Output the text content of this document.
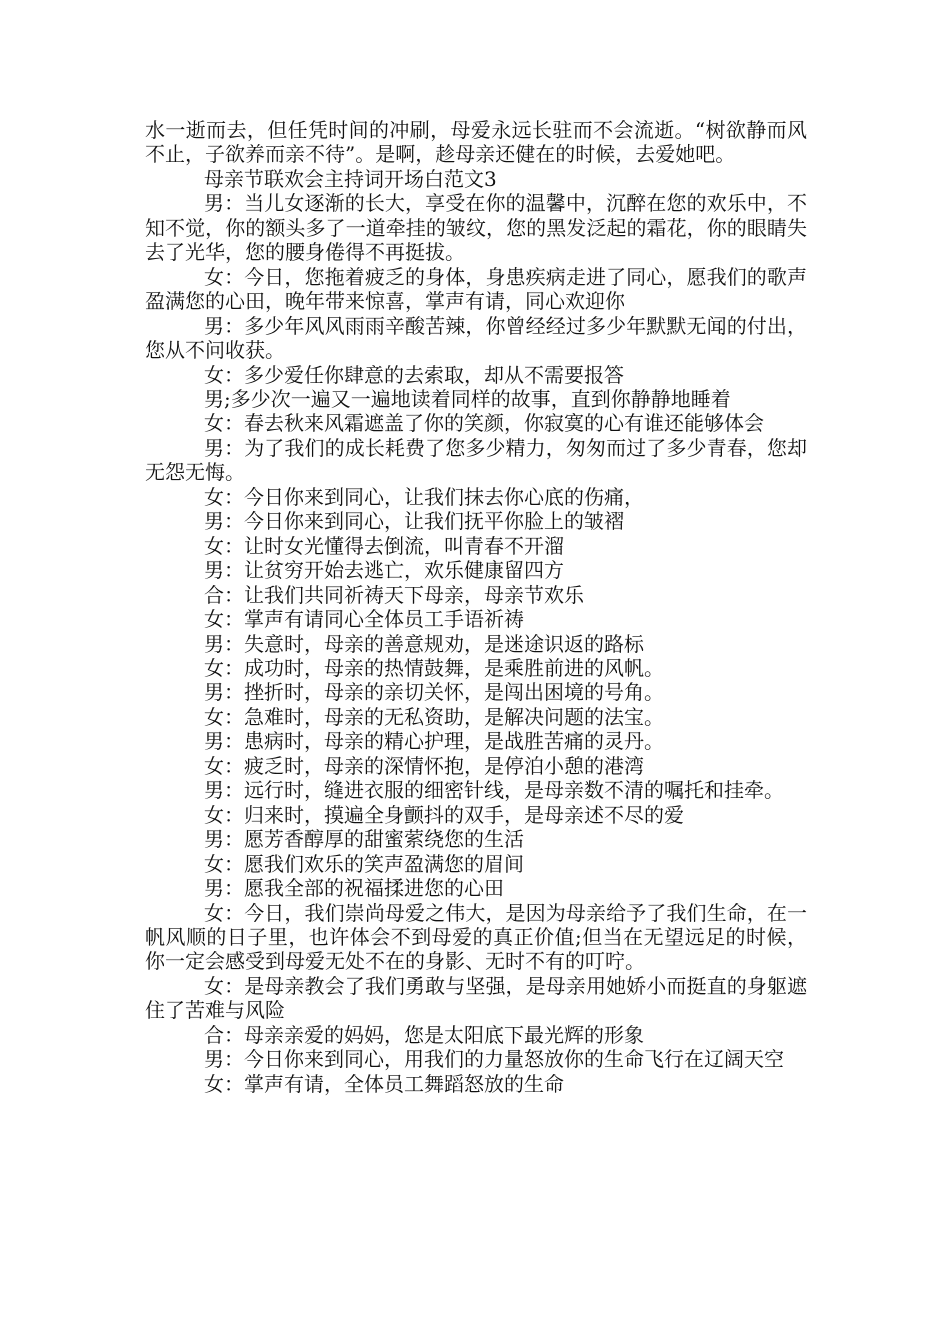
水一逝而去，但任凭时间的冲刷，母爱永远长驻而不会流逝。“树欲静而风不止，子欲养而亲不待”。是啊，趁母亲还健在的时候，去爱她吧。

母亲节联欢会主持词开场白范文3

男：当儿女逐渐的长大，享受在你的温馨中，沉醉在您的欢乐中，不知不觉，你的额头多了一道牵挂的皱纹，您的黑发泛起的霜花，你的眼睛失去了光华，您的腰身倦得不再挺拔。

女：今日，您拖着疲乏的身体，身患疾病走进了同心，愿我们的歌声盈满您的心田，晚年带来惊喜，掌声有请，同心欢迎你

男：多少年风风雨雨辛酸苦辣，你曾经经过多少年默默无闻的付出，您从不问收获。

女：多少爱任你肆意的去索取，却从不需要报答

男;多少次一遍又一遍地读着同样的故事，直到你静静地睡着

女：春去秋来风霜遮盖了你的笑颜，你寂寞的心有谁还能够体会

男：为了我们的成长耗费了您多少精力，匆匆而过了多少青春，您却无怨无悔。

女：今日你来到同心，让我们抹去你心底的伤痛，

男：今日你来到同心，让我们抚平你脸上的皱褶

女：让时女光懂得去倒流，叫青春不开溜

男：让贫穷开始去逃亡，欢乐健康留四方

合：让我们共同祈祷天下母亲，母亲节欢乐

女：掌声有请同心全体员工手语祈祷

男：失意时，母亲的善意规劝，是迷途识返的路标

女：成功时，母亲的热情鼓舞，是乘胜前进的风帆。

男：挫折时，母亲的亲切关怀，是闯出困境的号角。

女：急难时，母亲的无私资助，是解决问题的法宝。

男：患病时，母亲的精心护理，是战胜苦痛的灵丹。

女：疲乏时，母亲的深情怀抱，是停泊小憩的港湾

男：远行时，缝进衣服的细密针线，是母亲数不清的嘱托和挂牵。

女：归来时，摸遍全身颤抖的双手，是母亲述不尽的爱

男：愿芳香醇厚的甜蜜萦绕您的生活

女：愿我们欢乐的笑声盈满您的眉间

男：愿我全部的祝福揉进您的心田

女：今日，我们崇尚母爱之伟大，是因为母亲给予了我们生命，在一帆风顺的日子里，也许体会不到母爱的真正价值;但当在无望远足的时候，你一定会感受到母爱无处不在的身影、无时不有的叮咛。

女：是母亲教会了我们勇敢与坚强，是母亲用她娇小而挺直的身躯遮住了苦难与风险

合：母亲亲爱的妈妈，您是太阳底下最光辉的形象

男：今日你来到同心，用我们的力量怒放你的生命飞行在辽阔天空

女：掌声有请，全体员工舞蹈怒放的生命
